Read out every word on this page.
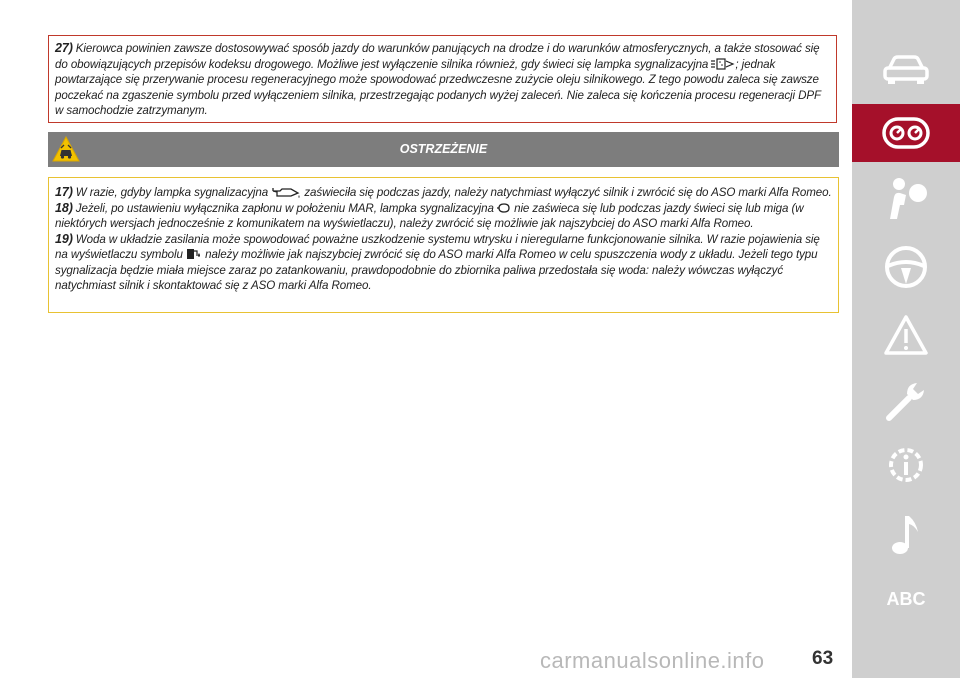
27) Kierowca powinien zawsze dostosowywać sposób jazdy do warunków panujących na drodze i do warunków atmosferycznych, a także stosować się do obowiązujących przepisów kodeksu drogowego. Możliwe jest wyłączenie silnika również, gdy świeci się lampka sygnalizacyjna ; jednak powtarzające się przerywanie procesu regeneracyjnego może spowodować przedwczesne zużycie oleju silnikowego. Z tego powodu zaleca się zawsze poczekać na zgaszenie symbolu przed wyłączeniem silnika, przestrzegając podanych wyżej zaleceń. Nie zaleca się kończenia procesu regeneracji DPF w samochodzie zatrzymanym.
OSTRZEŻENIE
17) W razie, gdyby lampka sygnalizacyjna	zaświeciła się podczas jazdy, należy natychmiast wyłączyć silnik i zwrócić się do ASO marki Alfa Romeo.
18) Jeżeli, po ustawieniu wyłącznika zapłonu w położeniu MAR, lampka sygnalizacyjna nie zaświeca się lub podczas jazdy świeci się lub miga (w niektórych wersjach jednocześnie z komunikatem na wyświetlaczu), należy zwrócić się możliwie jak najszybciej do ASO marki Alfa Romeo.
19) Woda w układzie zasilania może spowodować poważne uszkodzenie systemu wtrysku i nieregularne funkcjonowanie silnika. W razie pojawienia się na wyświetlaczu symbolu należy możliwie jak najszybciej zwrócić się do ASO marki Alfa Romeo w celu spuszczenia wody z układu. Jeżeli tego typu sygnalizacja będzie miała miejsce zaraz po zatankowaniu, prawdopodobnie do zbiornika paliwa przedostała się woda: należy wówczas wyłączyć natychmiast silnik i skontaktować się z ASO marki Alfa Romeo.
carmanualsonline.info 63
ABC
